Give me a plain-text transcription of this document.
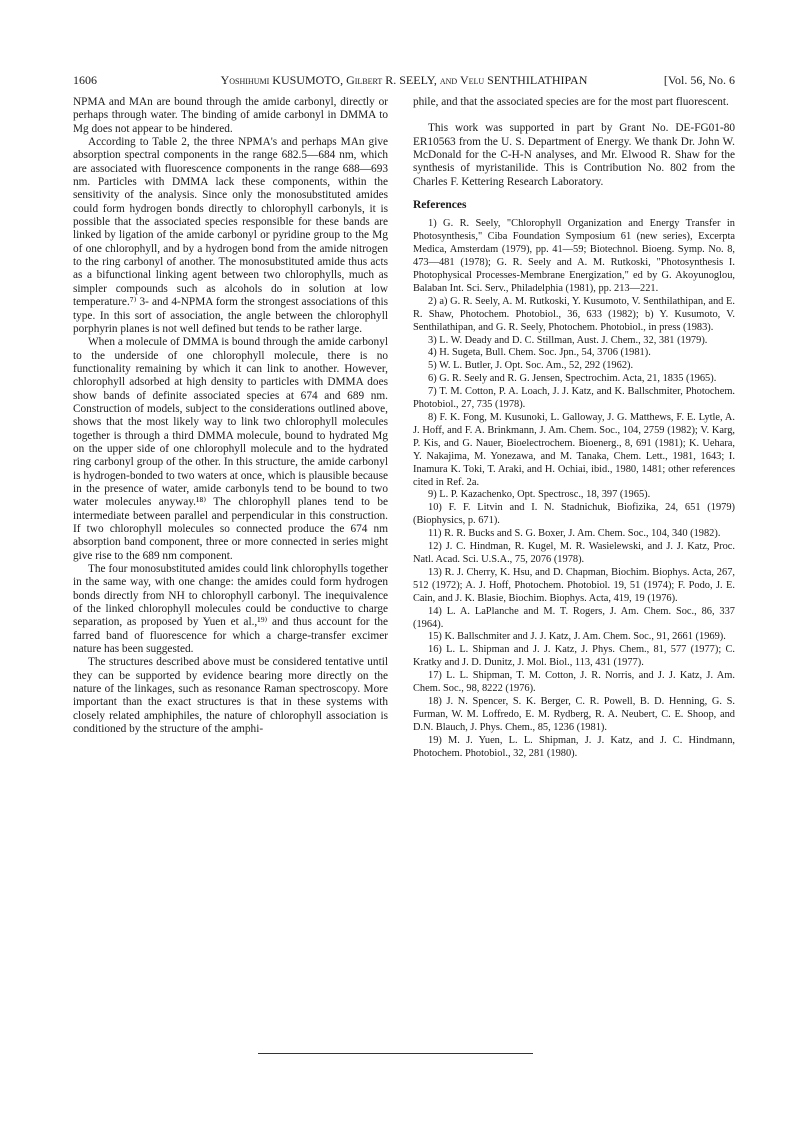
1606	Yoshihumi KUSUMOTO, Gilbert R. SEELY, and Velu SENTHILATHIPAN	[Vol. 56, No. 6

NPMA and MAn are bound through the amide carbonyl, directly or perhaps through water. The binding of amide carbonyl in DMMA to Mg does not appear to be hindered.

According to Table 2, the three NPMA's and perhaps MAn give absorption spectral components in the range 682.5—684 nm, which are associated with fluorescence components in the range 688—693 nm. Particles with DMMA lack these components, within the sensitivity of the analysis. Since only the monosubstituted amides could form hydrogen bonds directly to chlorophyll carbonyls, it is possible that the associated species responsible for these bands are linked by ligation of the amide carbonyl or pyridine group to the Mg of one chlorophyll, and by a hydrogen bond from the amide nitrogen to the ring carbonyl of another. The monosubstituted amide thus acts as a bifunctional linking agent between two chlorophylls, much as simpler compounds such as alcohols do in solution at low temperature.⁷⁾ 3- and 4-NPMA form the strongest associations of this type. In this sort of association, the angle between the chlorophyll porphyrin planes is not well defined but tends to be rather large.

When a molecule of DMMA is bound through the amide carbonyl to the underside of one chlorophyll molecule, there is no functionality remaining by which it can link to another. However, chlorophyll adsorbed at high density to particles with DMMA does show bands of definite associated species at 674 and 689 nm. Construction of models, subject to the considerations outlined above, shows that the most likely way to link two chlorophyll molecules together is through a third DMMA molecule, bound to hydrated Mg on the upper side of one chlorophyll molecule and to the hydrated ring carbonyl group of the other. In this structure, the amide carbonyl is hydrogen-bonded to two waters at once, which is plausible because in the presence of water, amide carbonyls tend to be bound to two water molecules anyway.¹⁸⁾ The chlorophyll planes tend to be intermediate between parallel and perpendicular in this construction. If two chlorophyll molecules so connected produce the 674 nm absorption band component, three or more connected in series might give rise to the 689 nm component.

The four monosubstituted amides could link chlorophylls together in the same way, with one change: the amides could form hydrogen bonds directly from NH to chlorophyll carbonyl. The inequivalence of the linked chlorophyll molecules could be conductive to charge separation, as proposed by Yuen et al.,¹⁹⁾ and thus account for the farred band of fluorescence for which a charge-transfer excimer nature has been suggested.

The structures described above must be considered tentative until they can be supported by evidence bearing more directly on the nature of the linkages, such as resonance Raman spectroscopy. More important than the exact structures is that in these systems with closely related amphiphiles, the nature of chlorophyll association is conditioned by the structure of the amphi-

phile, and that the associated species are for the most part fluorescent.

This work was supported in part by Grant No. DE-FG01-80 ER10563 from the U. S. Department of Energy. We thank Dr. John W. McDonald for the C-H-N analyses, and Mr. Elwood R. Shaw for the synthesis of myristanilide. This is Contribution No. 802 from the Charles F. Kettering Research Laboratory.

References

1) G. R. Seely, "Chlorophyll Organization and Energy Transfer in Photosynthesis," Ciba Foundation Symposium 61 (new series), Excerpta Medica, Amsterdam (1979), pp. 41—59; Biotechnol. Bioeng. Symp. No. 8, 473—481 (1978); G. R. Seely and A. M. Rutkoski, "Photosynthesis I. Photophysical Processes-Membrane Energization," ed by G. Akoyunoglou, Balaban Int. Sci. Serv., Philadelphia (1981), pp. 213—221.

2) a) G. R. Seely, A. M. Rutkoski, Y. Kusumoto, V. Senthilathipan, and E. R. Shaw, Photochem. Photobiol., 36, 633 (1982); b) Y. Kusumoto, V. Senthilathipan, and G. R. Seely, Photochem. Photobiol., in press (1983).

3) L. W. Deady and D. C. Stillman, Aust. J. Chem., 32, 381 (1979).

4) H. Sugeta, Bull. Chem. Soc. Jpn., 54, 3706 (1981).

5) W. L. Butler, J. Opt. Soc. Am., 52, 292 (1962).

6) G. R. Seely and R. G. Jensen, Spectrochim. Acta, 21, 1835 (1965).

7) T. M. Cotton, P. A. Loach, J. J. Katz, and K. Ballschmiter, Photochem. Photobiol., 27, 735 (1978).

8) F. K. Fong, M. Kusunoki, L. Galloway, J. G. Matthews, F. E. Lytle, A. J. Hoff, and F. A. Brinkmann, J. Am. Chem. Soc., 104, 2759 (1982); V. Karg, P. Kis, and G. Nauer, Bioelectrochem. Bioenerg., 8, 691 (1981); K. Uehara, Y. Nakajima, M. Yonezawa, and M. Tanaka, Chem. Lett., 1981, 1643; I. Inamura K. Toki, T. Araki, and H. Ochiai, ibid., 1980, 1481; other references cited in Ref. 2a.

9) L. P. Kazachenko, Opt. Spectrosc., 18, 397 (1965).

10) F. F. Litvin and I. N. Stadnichuk, Biofizika, 24, 651 (1979) (Biophysics, p. 671).

11) R. R. Bucks and S. G. Boxer, J. Am. Chem. Soc., 104, 340 (1982).

12) J. C. Hindman, R. Kugel, M. R. Wasielewski, and J. J. Katz, Proc. Natl. Acad. Sci. U.S.A., 75, 2076 (1978).

13) R. J. Cherry, K. Hsu, and D. Chapman, Biochim. Biophys. Acta, 267, 512 (1972); A. J. Hoff, Photochem. Photobiol. 19, 51 (1974); F. Podo, J. E. Cain, and J. K. Blasie, Biochim. Biophys. Acta, 419, 19 (1976).

14) L. A. LaPlanche and M. T. Rogers, J. Am. Chem. Soc., 86, 337 (1964).

15) K. Ballschmiter and J. J. Katz, J. Am. Chem. Soc., 91, 2661 (1969).

16) L. L. Shipman and J. J. Katz, J. Phys. Chem., 81, 577 (1977); C. Kratky and J. D. Dunitz, J. Mol. Biol., 113, 431 (1977).

17) L. L. Shipman, T. M. Cotton, J. R. Norris, and J. J. Katz, J. Am. Chem. Soc., 98, 8222 (1976).

18) J. N. Spencer, S. K. Berger, C. R. Powell, B. D. Henning, G. S. Furman, W. M. Loffredo, E. M. Rydberg, R. A. Neubert, C. E. Shoop, and D.N. Blauch, J. Phys. Chem., 85, 1236 (1981).

19) M. J. Yuen, L. L. Shipman, J. J. Katz, and J. C. Hindmann, Photochem. Photobiol., 32, 281 (1980).
